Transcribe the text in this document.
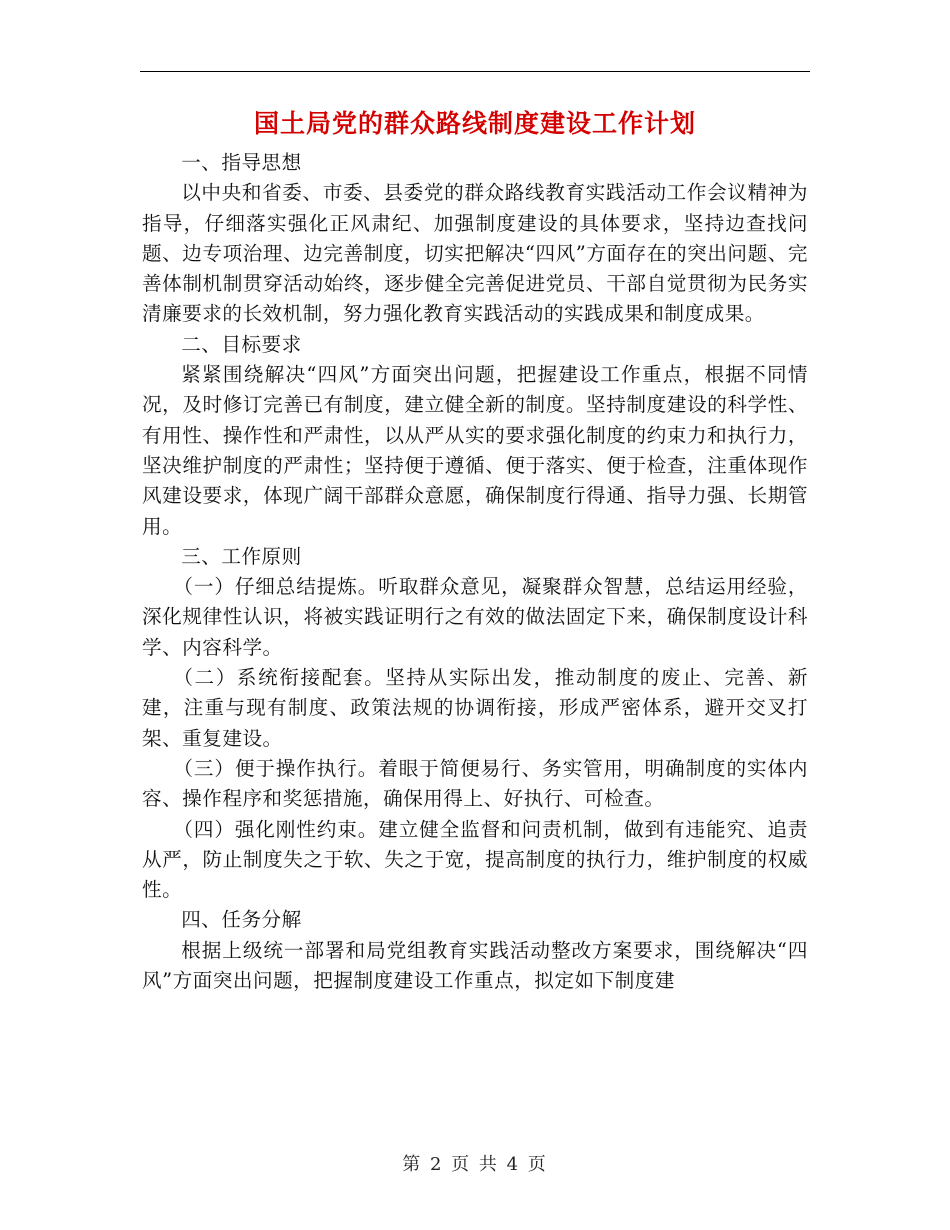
国土局党的群众路线制度建设工作计划

一、指导思想

以中央和省委、市委、县委党的群众路线教育实践活动工作会议精神为指导，仔细落实强化正风肃纪、加强制度建设的具体要求，坚持边查找问题、边专项治理、边完善制度，切实把解决“四风”方面存在的突出问题、完善体制机制贯穿活动始终，逐步健全完善促进党员、干部自觉贯彻为民务实清廉要求的长效机制，努力强化教育实践活动的实践成果和制度成果。

二、目标要求

紧紧围绕解决“四风”方面突出问题，把握建设工作重点，根据不同情况，及时修订完善已有制度，建立健全新的制度。坚持制度建设的科学性、有用性、操作性和严肃性，以从严从实的要求强化制度的约束力和执行力，坚决维护制度的严肃性；坚持便于遵循、便于落实、便于检查，注重体现作风建设要求，体现广阔干部群众意愿，确保制度行得通、指导力强、长期管用。

三、工作原则

（一）仔细总结提炼。听取群众意见，凝聚群众智慧，总结运用经验，深化规律性认识，将被实践证明行之有效的做法固定下来，确保制度设计科学、内容科学。

（二）系统衔接配套。坚持从实际出发，推动制度的废止、完善、新建，注重与现有制度、政策法规的协调衔接，形成严密体系，避开交叉打架、重复建设。

（三）便于操作执行。着眼于简便易行、务实管用，明确制度的实体内容、操作程序和奖惩措施，确保用得上、好执行、可检查。

（四）强化刚性约束。建立健全监督和问责机制，做到有违能究、追责从严，防止制度失之于软、失之于宽，提高制度的执行力，维护制度的权威性。

四、任务分解

根据上级统一部署和局党组教育实践活动整改方案要求，围绕解决“四风”方面突出问题，把握制度建设工作重点，拟定如下制度建

第 2 页 共 4 页
